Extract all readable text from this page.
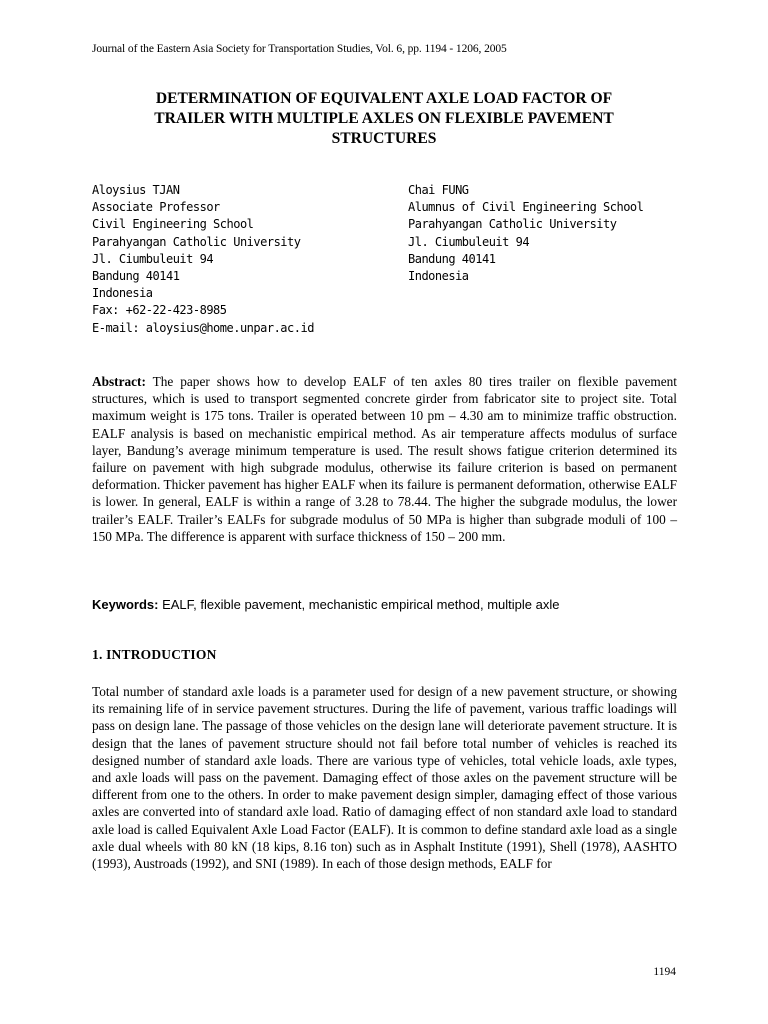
Journal of the Eastern Asia Society for Transportation Studies, Vol. 6, pp. 1194 - 1206, 2005
DETERMINATION OF EQUIVALENT AXLE LOAD FACTOR OF
TRAILER WITH MULTIPLE AXLES ON FLEXIBLE PAVEMENT
STRUCTURES
Aloysius TJAN
Associate Professor
Civil Engineering School
Parahyangan Catholic University
Jl. Ciumbuleuit 94
Bandung 40141
Indonesia
Fax: +62-22-423-8985
E-mail: aloysius@home.unpar.ac.id
Chai FUNG
Alumnus of Civil Engineering School
Parahyangan Catholic University
Jl. Ciumbuleuit 94
Bandung 40141
Indonesia
Abstract: The paper shows how to develop EALF of ten axles 80 tires trailer on flexible pavement structures, which is used to transport segmented concrete girder from fabricator site to project site. Total maximum weight is 175 tons. Trailer is operated between 10 pm – 4.30 am to minimize traffic obstruction. EALF analysis is based on mechanistic empirical method. As air temperature affects modulus of surface layer, Bandung’s average minimum temperature is used. The result shows fatigue criterion determined its failure on pavement with high subgrade modulus, otherwise its failure criterion is based on permanent deformation. Thicker pavement has higher EALF when its failure is permanent deformation, otherwise EALF is lower. In general, EALF is within a range of 3.28 to 78.44. The higher the subgrade modulus, the lower trailer’s EALF. Trailer’s EALFs for subgrade modulus of 50 MPa is higher than subgrade moduli of 100 – 150 MPa. The difference is apparent with surface thickness of 150 – 200 mm.
Keywords: EALF, flexible pavement, mechanistic empirical method, multiple axle
1. INTRODUCTION
Total number of standard axle loads is a parameter used for design of a new pavement structure, or showing its remaining life of in service pavement structures. During the life of pavement, various traffic loadings will pass on design lane. The passage of those vehicles on the design lane will deteriorate pavement structure. It is design that the lanes of pavement structure should not fail before total number of vehicles is reached its designed number of standard axle loads. There are various type of vehicles, total vehicle loads, axle types, and axle loads will pass on the pavement. Damaging effect of those axles on the pavement structure will be different from one to the others. In order to make pavement design simpler, damaging effect of those various axles are converted into of standard axle load. Ratio of damaging effect of non standard axle load to standard axle load is called Equivalent Axle Load Factor (EALF). It is common to define standard axle load as a single axle dual wheels with 80 kN (18 kips, 8.16 ton) such as in Asphalt Institute (1991), Shell (1978), AASHTO (1993), Austroads (1992), and SNI (1989). In each of those design methods, EALF for
1194
